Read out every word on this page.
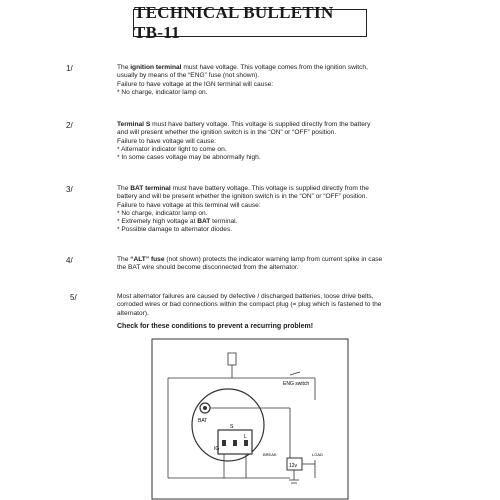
TECHNICAL BULLETIN TB-11
1/	The ignition terminal must have voltage. This voltage comes from the ignition switch,

usually by means of the “ENG” fuse (not shown).

Failure to have voltage at the IGN terminal will cause:

* No charge, indicator lamp on.

2/	Terminal S must have battery voltage. This voltage is supplied directly from the battery

and will present whether the ignition switch is in the “ON” or “OFF” position.

Failure to have voltage will cause:

* Alternator indicator light to come on.

* In some cases voltage may be abnormally high.

3/	The BAT terminal must have battery voltage. This voltage is supplied directly from the

battery and will be present whether the ignition switch is in the “ON” or “OFF” position.

Failure to have voltage at this terminal will cause:

* No charge, indicator lamp on.

* Extremely high voltage at BAT terminal.

* Possible damage to alternator diodes.

4/	The “ALT” fuse (not shown) protects the indicator warning lamp from current spike in case

the BAT wire should become disconnected from the alternator.

5/	Most alternator failures are caused by defective / discharged batteries, loose drive belts,

corroded wires or bad connections within the compact plug (= plug which is fastened to the

alternator).

Check for these conditions to prevent a recurring problem!
ENG switch
BAT
S
IG
L
12v
BREAK	LOAD
